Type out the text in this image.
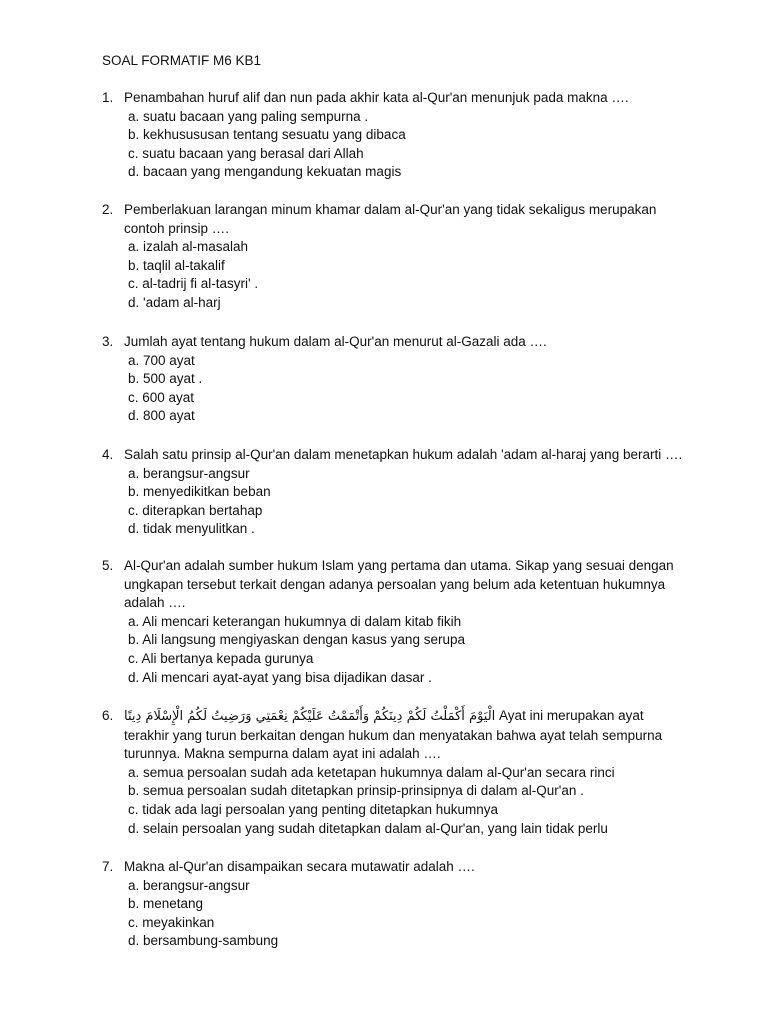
SOAL FORMATIF M6 KB1
1. Penambahan huruf alif dan nun pada akhir kata al-Qur'an menunjuk pada makna ….
a. suatu bacaan yang paling sempurna .
b. kekhusususan tentang sesuatu yang dibaca
c. suatu bacaan yang berasal dari Allah
d. bacaan yang mengandung kekuatan magis
2. Pemberlakuan larangan minum khamar dalam al-Qur'an yang tidak sekaligus merupakan
contoh prinsip ….
a. izalah al-masalah
b. taqlil al-takalif
c. al-tadrij fi al-tasyri' .
d. 'adam al-harj
3. Jumlah ayat tentang hukum dalam al-Qur'an menurut al-Gazali ada ….
a. 700 ayat
b. 500 ayat .
c. 600 ayat
d. 800 ayat
4. Salah satu prinsip al-Qur'an dalam menetapkan hukum adalah 'adam al-haraj yang berarti ….
a. berangsur-angsur
b. menyedikitkan beban
c. diterapkan bertahap
d. tidak menyulitkan .
5. Al-Qur'an adalah sumber hukum Islam yang pertama dan utama. Sikap yang sesuai dengan
ungkapan tersebut terkait dengan adanya persoalan yang belum ada ketentuan hukumnya
adalah ….
a. Ali mencari keterangan hukumnya di dalam kitab fikih
b. Ali langsung mengiyaskan dengan kasus yang serupa
c. Ali bertanya kepada gurunya
d. Ali mencari ayat-ayat yang bisa dijadikan dasar .
6. الْيَوْمَ أَكْمَلْتُ لَكُمْ دِينَكُمْ وَأَتْمَمْتُ عَلَيْكُمْ نِعْمَتِي وَرَضِيتُ لَكُمُ الْإِسْلَامَ دِينًا Ayat ini merupakan ayat
terakhir yang turun berkaitan dengan hukum dan menyatakan bahwa ayat telah sempurna
turunnya. Makna sempurna dalam ayat ini adalah ….
a. semua persoalan sudah ada ketetapan hukumnya dalam al-Qur'an secara rinci
b. semua persoalan sudah ditetapkan prinsip-prinsipnya di dalam al-Qur'an .
c. tidak ada lagi persoalan yang penting ditetapkan hukumnya
d. selain persoalan yang sudah ditetapkan dalam al-Qur'an, yang lain tidak perlu
7. Makna al-Qur'an disampaikan secara mutawatir adalah ….
a. berangsur-angsur
b. menetang
c. meyakinkan
d. bersambung-sambung
